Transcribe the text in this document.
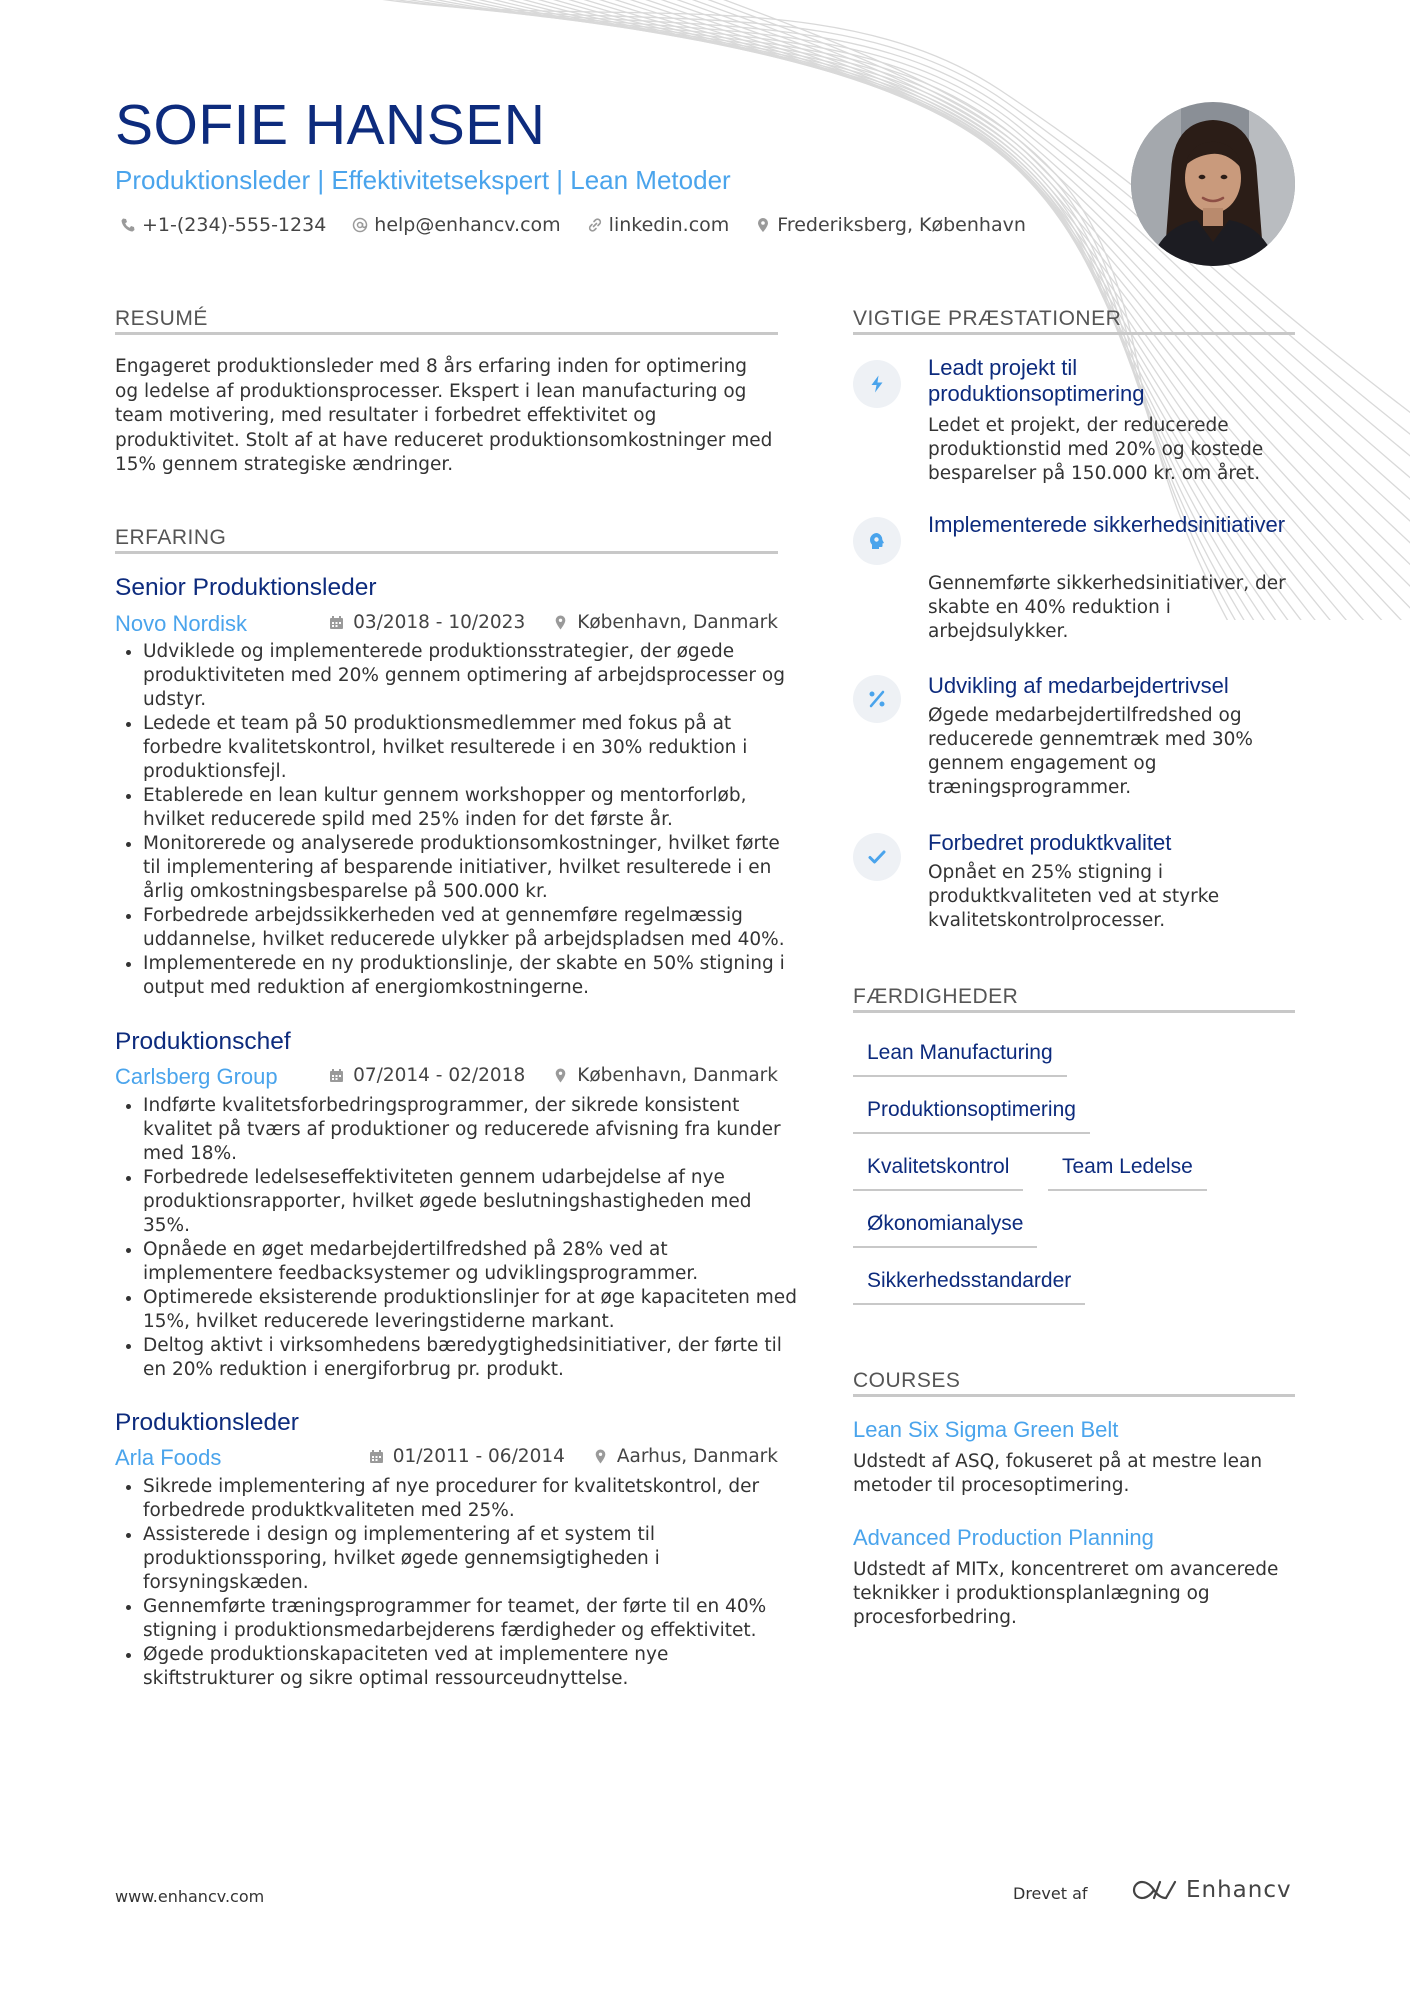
SOFIE HANSEN
Produktionsleder | Effektivitetsekspert | Lean Metoder
+1-(234)-555-1234	help@enhancv.com	linkedin.com	Frederiksberg, København
RESUMÉ
Engageret produktionsleder med 8 års erfaring inden for optimering og ledelse af produktionsprocesser. Ekspert i lean manufacturing og team motivering, med resultater i forbedret effektivitet og produktivitet. Stolt af at have reduceret produktionsomkostninger med 15% gennem strategiske ændringer.
ERFARING
Senior Produktionsleder
Novo Nordisk	03/2018 - 10/2023	København, Danmark
• Udviklede og implementerede produktionsstrategier, der øgede produktiviteten med 20% gennem optimering af arbejdsprocesser og udstyr.
• Ledede et team på 50 produktionsmedlemmer med fokus på at forbedre kvalitetskontrol, hvilket resulterede i en 30% reduktion i produktionsfejl.
• Etablerede en lean kultur gennem workshopper og mentorforløb, hvilket reducerede spild med 25% inden for det første år.
• Monitorerede og analyserede produktionsomkostninger, hvilket førte til implementering af besparende initiativer, hvilket resulterede i en årlig omkostningsbesparelse på 500.000 kr.
• Forbedrede arbejdssikkerheden ved at gennemføre regelmæssig uddannelse, hvilket reducerede ulykker på arbejdspladsen med 40%.
• Implementerede en ny produktionslinje, der skabte en 50% stigning i output med reduktion af energiomkostningerne.
Produktionschef
Carlsberg Group	07/2014 - 02/2018	København, Danmark
• Indførte kvalitetsforbedringsprogrammer, der sikrede konsistent kvalitet på tværs af produktioner og reducerede afvisning fra kunder med 18%.
• Forbedrede ledelseseffektiviteten gennem udarbejdelse af nye produktionsrapporter, hvilket øgede beslutningshastigheden med 35%.
• Opnåede en øget medarbejdertilfredshed på 28% ved at implementere feedbacksystemer og udviklingsprogrammer.
• Optimerede eksisterende produktionslinjer for at øge kapaciteten med 15%, hvilket reducerede leveringstiderne markant.
• Deltog aktivt i virksomhedens bæredygtighedsinitiativer, der førte til en 20% reduktion i energiforbrug pr. produkt.
Produktionsleder
Arla Foods	01/2011 - 06/2014	Aarhus, Danmark
• Sikrede implementering af nye procedurer for kvalitetskontrol, der forbedrede produktkvaliteten med 25%.
• Assisterede i design og implementering af et system til produktionssporing, hvilket øgede gennemsigtigheden i forsyningskæden.
• Gennemførte træningsprogrammer for teamet, der førte til en 40% stigning i produktionsmedarbejderens færdigheder og effektivitet.
• Øgede produktionskapaciteten ved at implementere nye skiftstrukturer og sikre optimal ressourceudnyttelse.
VIGTIGE PRÆSTATIONER
Leadt projekt til produktionsoptimering
Ledet et projekt, der reducerede produktionstid med 20% og kostede besparelser på 150.000 kr. om året.
Implementerede sikkerhedsinitiativer
Gennemførte sikkerhedsinitiativer, der skabte en 40% reduktion i arbejdsulykker.
Udvikling af medarbejdertrivsel
Øgede medarbejdertilfredshed og reducerede gennemtræk med 30% gennem engagement og træningsprogrammer.
Forbedret produktkvalitet
Opnået en 25% stigning i produktkvaliteten ved at styrke kvalitetskontrolprocesser.
FÆRDIGHEDER
Lean Manufacturing
Produktionsoptimering
Kvalitetskontrol	Team Ledelse
Økonomianalyse
Sikkerhedsstandarder
COURSES
Lean Six Sigma Green Belt
Udstedt af ASQ, fokuseret på at mestre lean metoder til procesoptimering.
Advanced Production Planning
Udstedt af MITx, koncentreret om avancerede teknikker i produktionsplanlægning og procesforbedring.
www.enhancv.com	Drevet af	Enhancv
